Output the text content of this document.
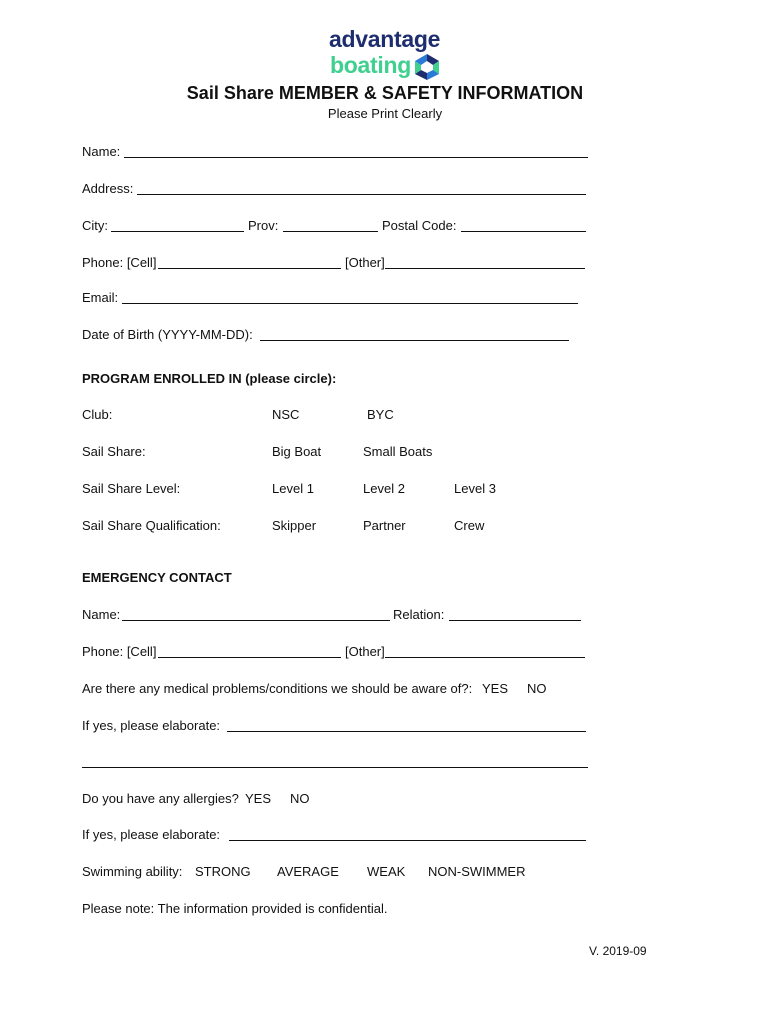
advantage
boating
Sail Share MEMBER & SAFETY INFORMATION
Please Print Clearly
Name:
Address:
City:	Prov:	Postal Code:
Phone: [Cell]	[Other]
Email:
Date of Birth (YYYY-MM-DD):
PROGRAM ENROLLED IN (please circle):
Club:	NSC	BYC
Sail Share:	Big Boat	Small Boats
Sail Share Level:	Level 1	Level 2	Level 3
Sail Share Qualification:	Skipper	Partner	Crew
EMERGENCY CONTACT
Name:	Relation:
Phone: [Cell]	[Other]
Are there any medical problems/conditions we should be aware of?: YES NO
If yes, please elaborate:
Do you have any allergies? YES NO
If yes, please elaborate:
Swimming ability: STRONG AVERAGE WEAK NON-SWIMMER
Please note: The information provided is confidential.
V. 2019-09
